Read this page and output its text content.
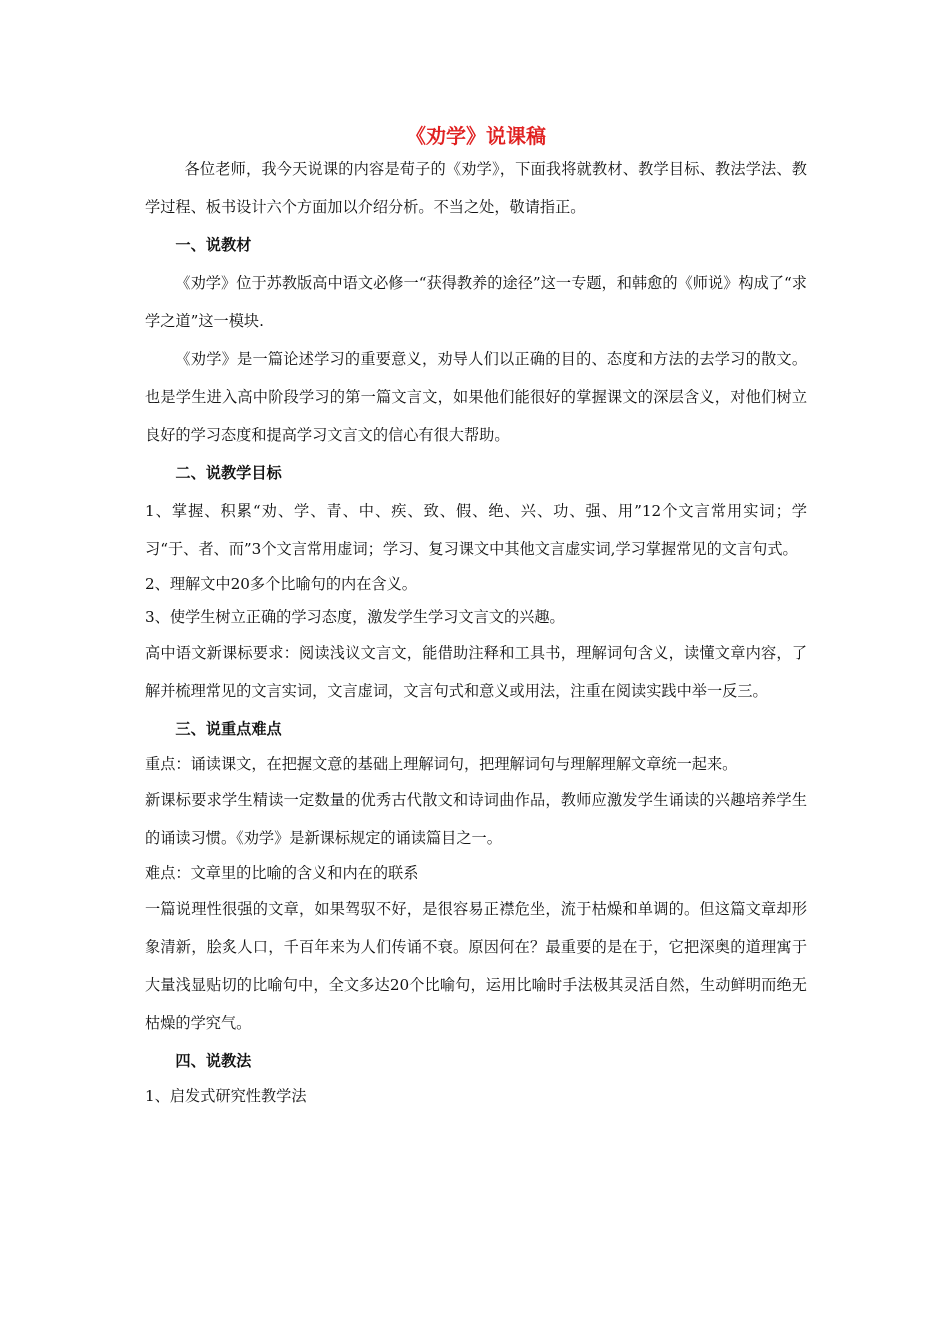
《劝学》说课稿

各位老师，我今天说课的内容是荀子的《劝学》，下面我将就教材、教学目标、教法学法、教学过程、板书设计六个方面加以介绍分析。不当之处，敬请指正。

一、说教材

《劝学》位于苏教版高中语文必修一“获得教养的途径”这一专题，和韩愈的《师说》构成了“求学之道”这一模块.

《劝学》是一篇论述学习的重要意义，劝导人们以正确的目的、态度和方法的去学习的散文。也是学生进入高中阶段学习的第一篇文言文，如果他们能很好的掌握课文的深层含义，对他们树立良好的学习态度和提高学习文言文的信心有很大帮助。

二、说教学目标

1、掌握、积累“劝、学、青、中、疾、致、假、绝、兴、功、强、用”12个文言常用实词；学习“于、者、而”3个文言常用虚词；学习、复习课文中其他文言虚实词,学习掌握常见的文言句式。

2、理解文中20多个比喻句的内在含义。

3、使学生树立正确的学习态度，激发学生学习文言文的兴趣。

高中语文新课标要求：阅读浅议文言文，能借助注释和工具书，理解词句含义，读懂文章内容，了解并梳理常见的文言实词，文言虚词，文言句式和意义或用法，注重在阅读实践中举一反三。

三、说重点难点

重点：诵读课文，在把握文意的基础上理解词句，把理解词句与理解理解文章统一起来。

新课标要求学生精读一定数量的优秀古代散文和诗词曲作品，教师应激发学生诵读的兴趣培养学生的诵读习惯。《劝学》是新课标规定的诵读篇目之一。

难点：文章里的比喻的含义和内在的联系

一篇说理性很强的文章，如果驾驭不好，是很容易正襟危坐，流于枯燥和单调的。但这篇文章却形象清新，脍炙人口，千百年来为人们传诵不衰。原因何在？最重要的是在于，它把深奥的道理寓于大量浅显贴切的比喻句中，全文多达20个比喻句，运用比喻时手法极其灵活自然，生动鲜明而绝无枯燥的学究气。

四、说教法

1、启发式研究性教学法
